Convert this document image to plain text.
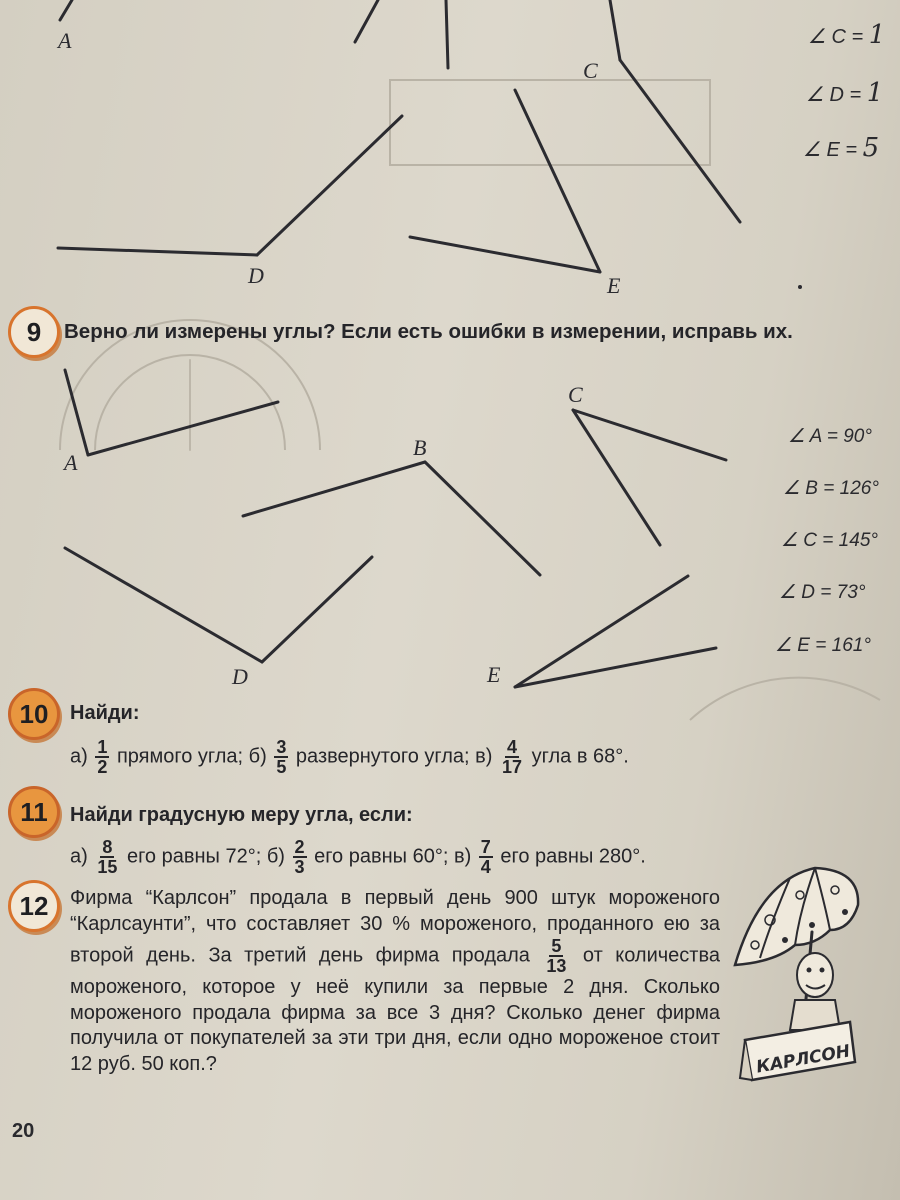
A
C
D	E
A
B
C
D	E
КАРЛСОН
∠ C = 1
∠ D = 1
∠ E = 5
9	Верно ли измерены углы? Если есть ошибки в измерении, исправь их.
∠ A = 90°
∠ B = 126°
∠ C = 145°
∠ D = 73°
∠ E = 161°
10	Найди:
$а) \frac{1}{2}$ прямого угла; $б) \frac{3}{5}$ развернутого угла; $в) \frac{4}{17}$ угла в 68°.
11	Найди градусную меру угла, если:
$а) \frac{8}{15}$ его равны 72°; $б) \frac{2}{3}$ его равны 60°; $в) \frac{7}{4}$ его равны 280°.
12	Фирма “Карлсон” продала в первый день 900 штук мороженого “Карлсаунти”, что составляет 30 % мороженого, проданного ею за второй день. За третий день фирма продала $\frac{5}{13}$ от количества мороженого, которое у неё купили за первые 2 дня. Сколько мороженого продала фирма за все 3 дня? Сколько денег фирма получила от покупателей за эти три дня, если одно мороженое стоит 12 руб. 50 коп.?
20
